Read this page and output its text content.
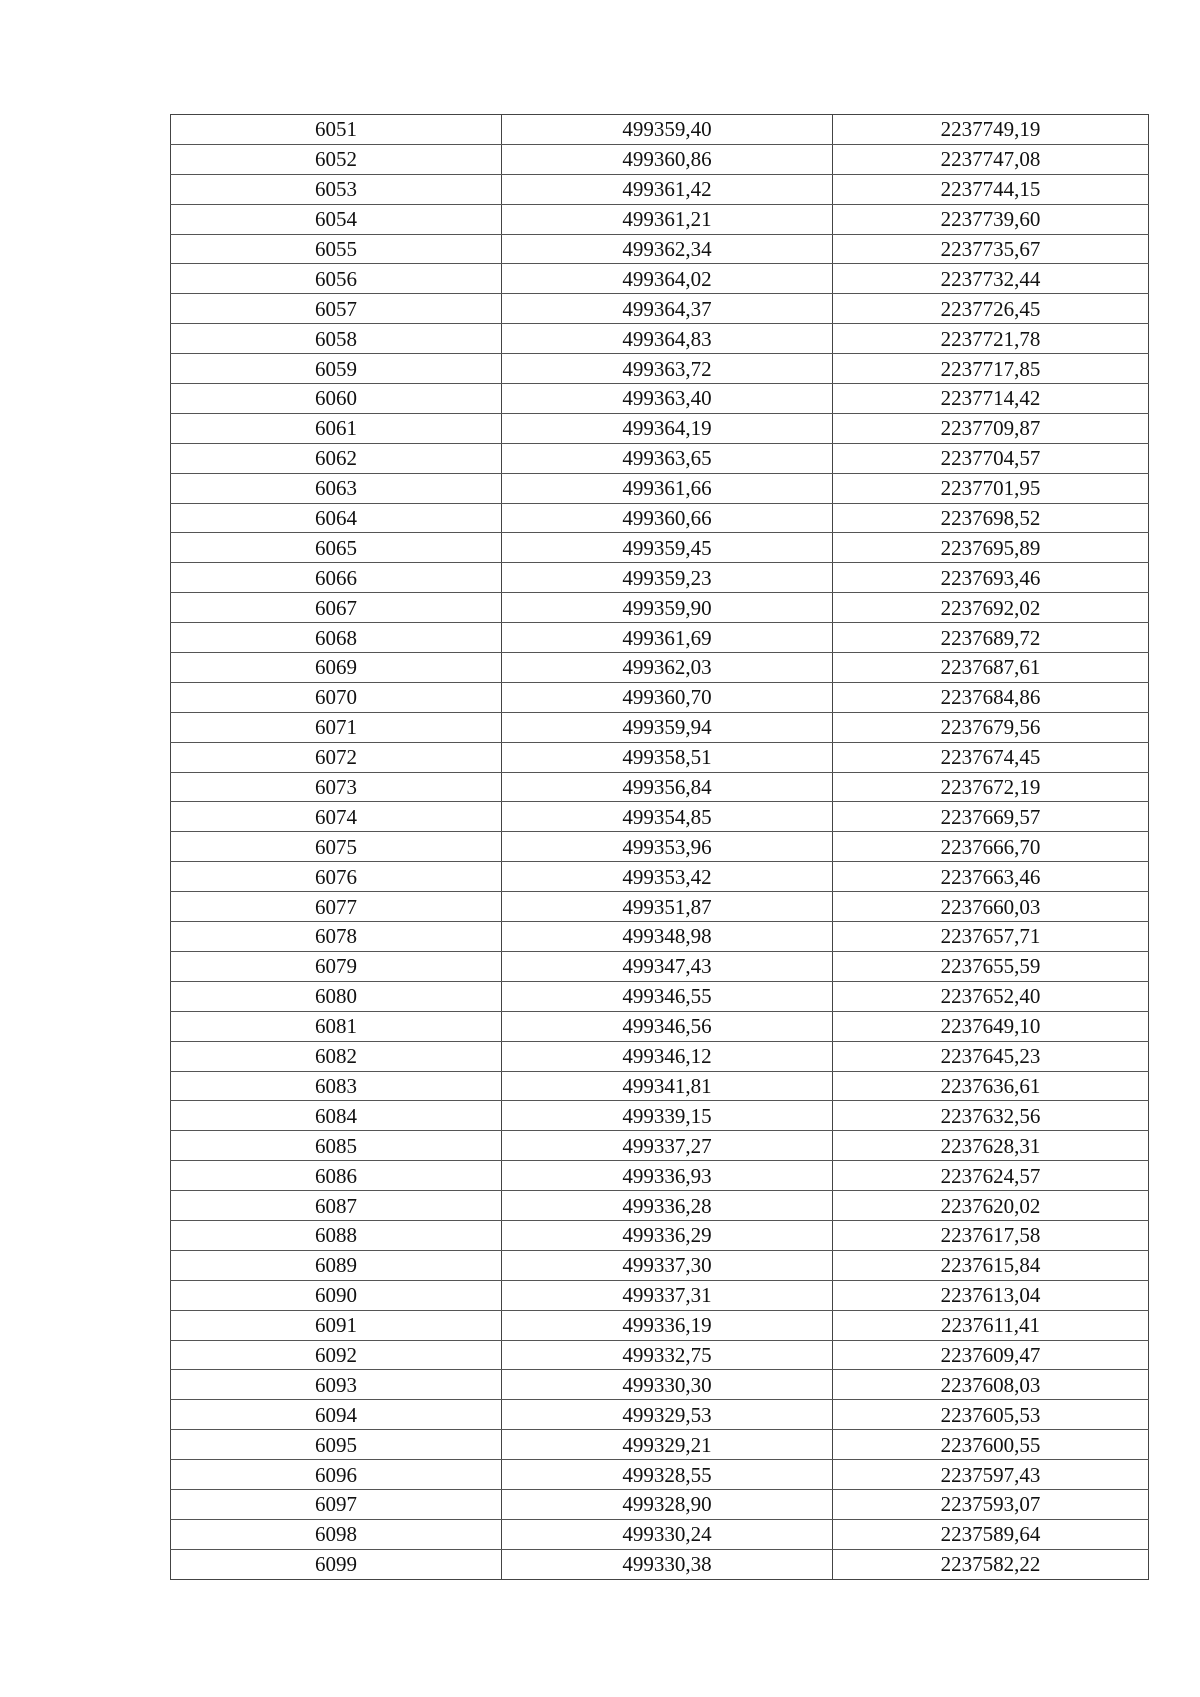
6051	499359,40	2237749,19
6052	499360,86	2237747,08
6053	499361,42	2237744,15
6054	499361,21	2237739,60
6055	499362,34	2237735,67
6056	499364,02	2237732,44
6057	499364,37	2237726,45
6058	499364,83	2237721,78
6059	499363,72	2237717,85
6060	499363,40	2237714,42
6061	499364,19	2237709,87
6062	499363,65	2237704,57
6063	499361,66	2237701,95
6064	499360,66	2237698,52
6065	499359,45	2237695,89
6066	499359,23	2237693,46
6067	499359,90	2237692,02
6068	499361,69	2237689,72
6069	499362,03	2237687,61
6070	499360,70	2237684,86
6071	499359,94	2237679,56
6072	499358,51	2237674,45
6073	499356,84	2237672,19
6074	499354,85	2237669,57
6075	499353,96	2237666,70
6076	499353,42	2237663,46
6077	499351,87	2237660,03
6078	499348,98	2237657,71
6079	499347,43	2237655,59
6080	499346,55	2237652,40
6081	499346,56	2237649,10
6082	499346,12	2237645,23
6083	499341,81	2237636,61
6084	499339,15	2237632,56
6085	499337,27	2237628,31
6086	499336,93	2237624,57
6087	499336,28	2237620,02
6088	499336,29	2237617,58
6089	499337,30	2237615,84
6090	499337,31	2237613,04
6091	499336,19	2237611,41
6092	499332,75	2237609,47
6093	499330,30	2237608,03
6094	499329,53	2237605,53
6095	499329,21	2237600,55
6096	499328,55	2237597,43
6097	499328,90	2237593,07
6098	499330,24	2237589,64
6099	499330,38	2237582,22
